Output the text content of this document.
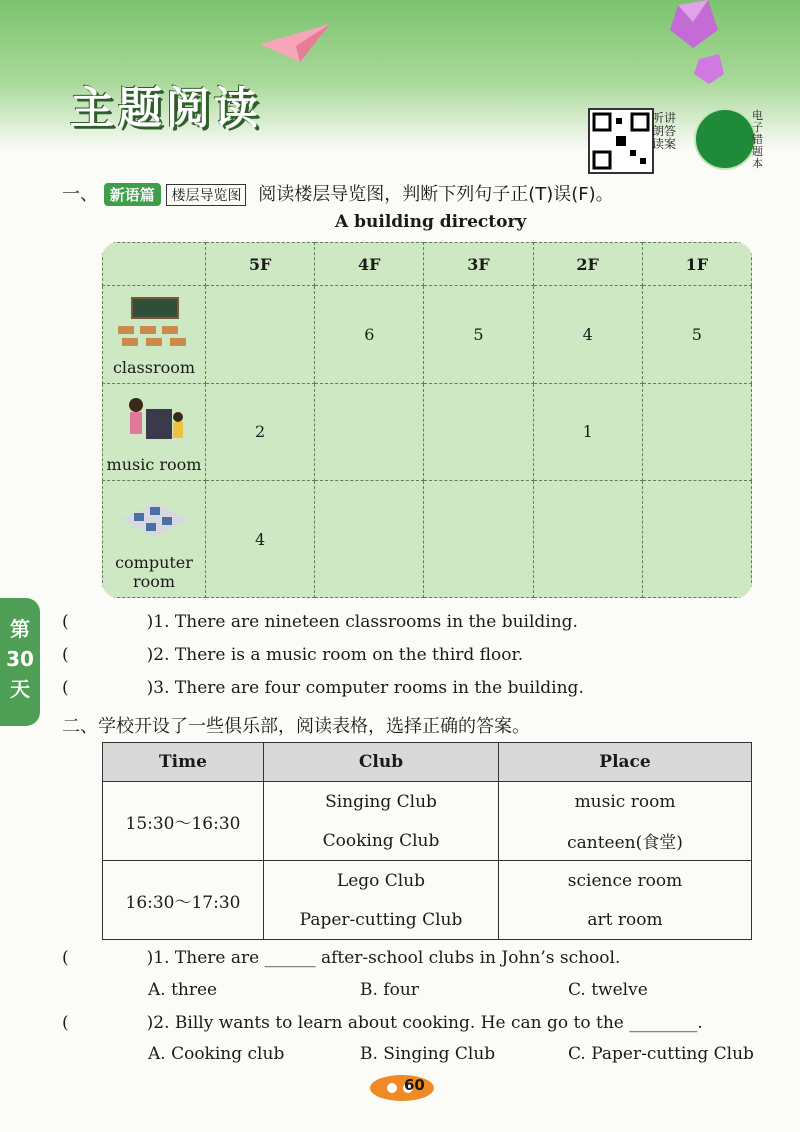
主题阅读	听讲朗答读案
电子错题本
第
30
天
一、 新语篇 楼层导览图 阅读楼层导览图，判断下列句子正(T)误(F)。
A building directory
	5F	4F	3F	2F	1F

classroom		6	5	4	5

music room	2			1	

computer room	4				
(	)1. There are nineteen classrooms in the building.
(	)2. There is a music room on the third floor.
(	)3. There are four computer rooms in the building.
二、学校开设了一些俱乐部，阅读表格，选择正确的答案。
Time	Club	Place
15:30～16:30	Singing Club	music room
	Cooking Club	canteen(食堂)
16:30～17:30	Lego Club	science room
	Paper-cutting Club	art room
(	)1. There are ______ after-school clubs in John’s school.
A. three	B. four	C. twelve
(	)2. Billy wants to learn about cooking. He can go to the ________.
A. Cooking club	B. Singing Club	C. Paper-cutting Club
60
